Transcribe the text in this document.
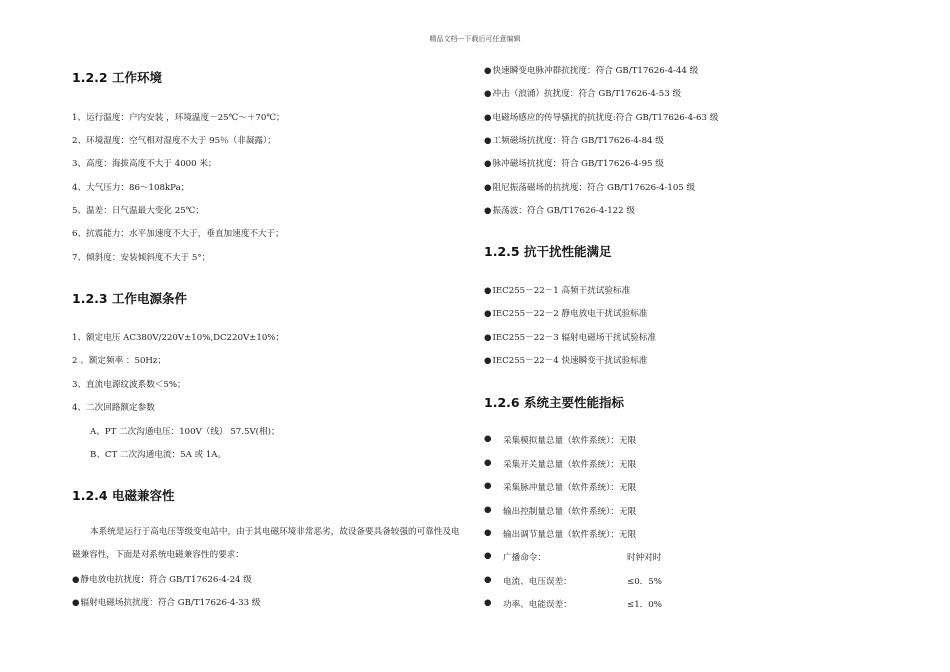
精品文档---下载后可任意编辑
1.2.2 工作环境
1、运行温度：户内安装 ，环境温度－25℃～＋70℃；
2、环境湿度：空气相对湿度不大于 95％（非凝露）；
3、高度：海拔高度不大于 4000 米；
4、大气压力：86～108kPa；
5、温差：日气温最大变化 25℃；
6、抗震能力：水平加速度不大于，垂直加速度不大于；
7、倾斜度：安装倾斜度不大于 5°；
1.2.3 工作电源条件
1、额定电压 AC380V/220V±10%,DC220V±10%；
2 、额定频率 ：50Hz；
3、直流电源纹波系数＜5%；
4、二次回路额定参数
A、PT 二次沟通电压：100V（线） 57.5V(相)；
B、CT 二次沟通电流：5A 或 1A。
1.2.4 电磁兼容性
本系统是运行于高电压等级变电站中，由于其电磁环境非常恶劣，故设备要具备较强的可靠性及电磁兼容性，下面是对系统电磁兼容性的要求：
●静电放电抗扰度：符合 GB/T17626-4-24 级
●辐射电磁场抗扰度：符合 GB/T17626-4-33 级
●快速瞬变电脉冲群抗扰度：符合 GB/T17626-4-44 级
●冲击（浪涌）抗扰度：符合 GB/T17626-4-53 级
●电磁场感应的传导骚扰的抗扰度:符合 GB/T17626-4-63 级
●工频磁场抗扰度：符合 GB/T17626-4-84 级
●脉冲磁场抗扰度：符合 GB/T17626-4-95 级
●阻尼振荡磁场的抗扰度：符合 GB/T17626-4-105 级
●振荡波：符合 GB/T17626-4-122 级
1.2.5 抗干扰性能满足
●IEC255－22－1 高频干扰试验标准
●IEC255－22－2 静电放电干扰试验标准
●IEC255－22－3 辐射电磁场干扰试验标准
●IEC255－22－4 快速瞬变干扰试验标准
1.2.6 系统主要性能指标
● 采集模拟量总量（软件系统）：无限
● 采集开关量总量（软件系统）：无限
● 采集脉冲量总量（软件系统）：无限
● 输出控制量总量（软件系统）：无限
● 输出调节量总量（软件系统）：无限
● 广播命令：	时钟对时
● 电流、电压误差：	≤0．5%
● 功率、电能误差：	≤1．0%
